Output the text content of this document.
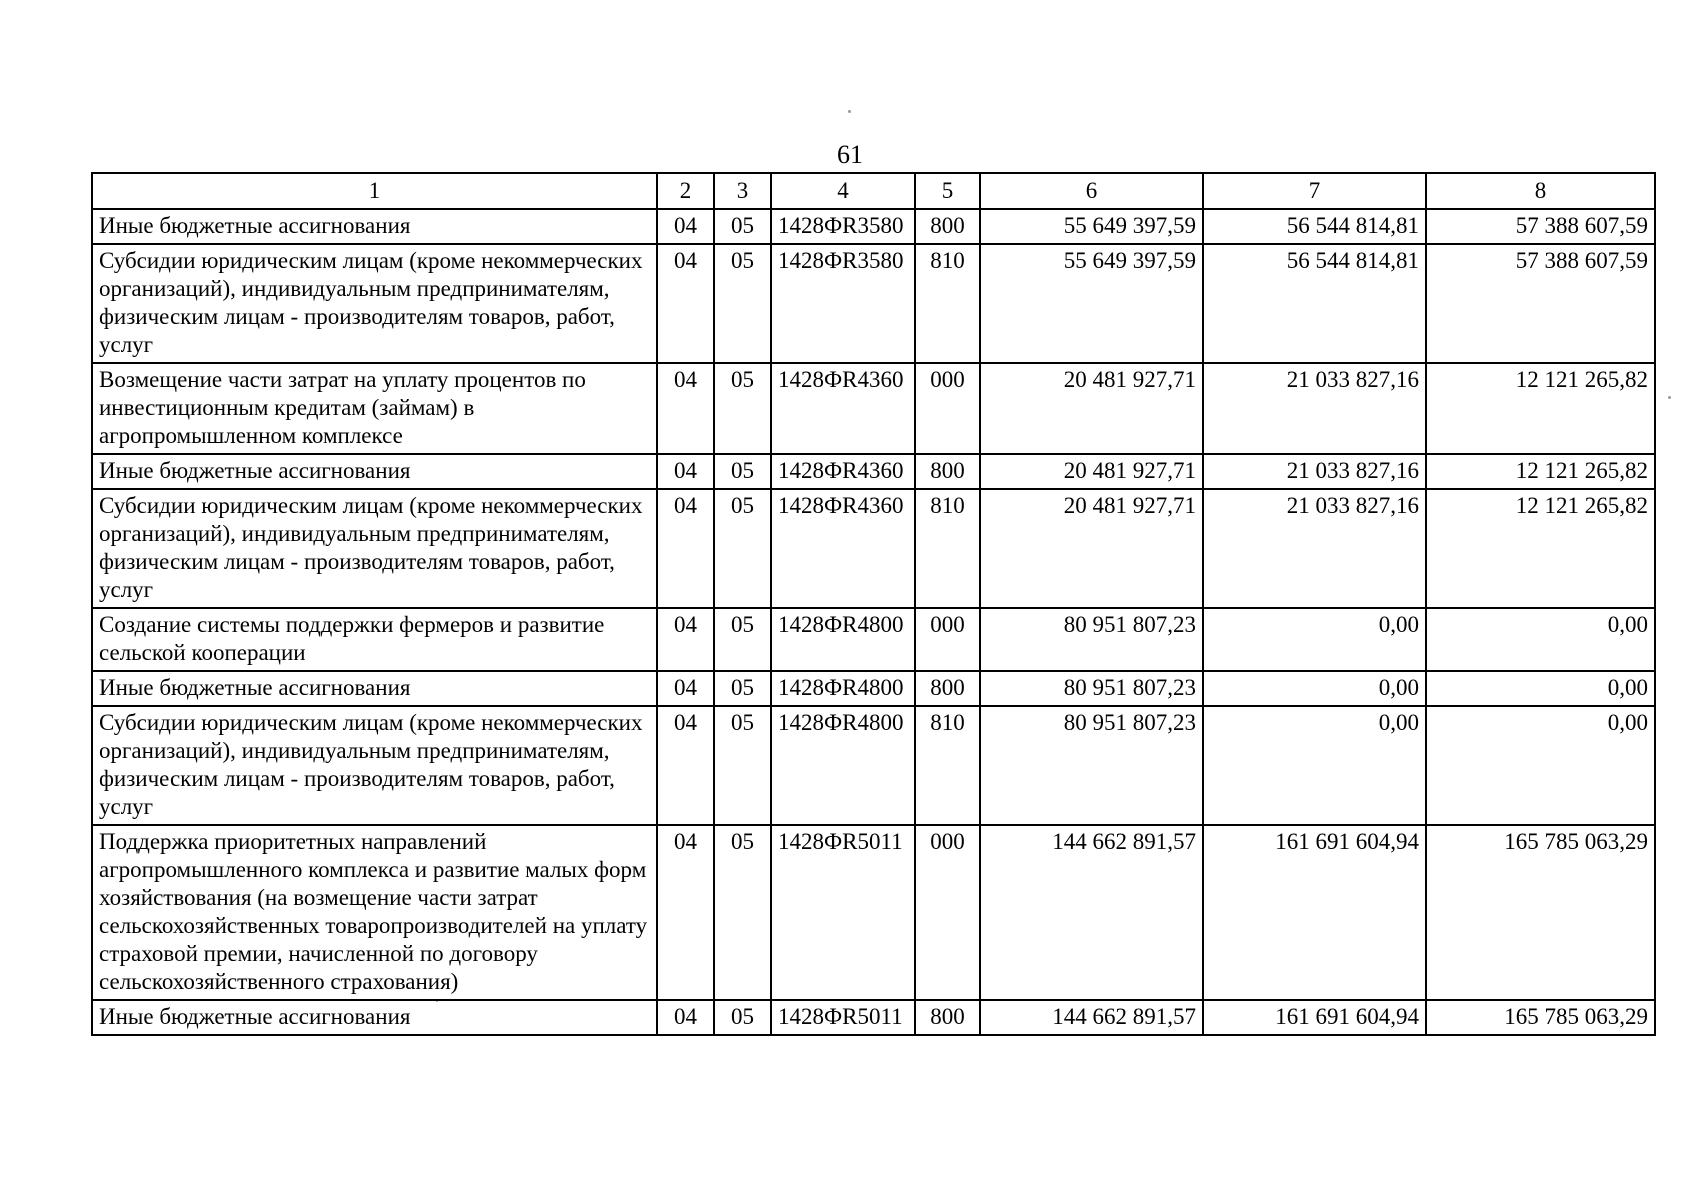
61
1	2	3	4	5	6	7	8
Иные бюджетные ассигнования	04	05	1428ФR3580	800	55 649 397,59	56 544 814,81	57 388 607,59
Субсидии юридическим лицам (кроме некоммерческих организаций), индивидуальным предпринимателям, физическим лицам - производителям товаров, работ, услуг	04	05	1428ФR3580	810	55 649 397,59	56 544 814,81	57 388 607,59
Возмещение части затрат на уплату процентов по инвестиционным кредитам (займам) в агропромышленном комплексе	04	05	1428ФR4360	000	20 481 927,71	21 033 827,16	12 121 265,82
Иные бюджетные ассигнования	04	05	1428ФR4360	800	20 481 927,71	21 033 827,16	12 121 265,82
Субсидии юридическим лицам (кроме некоммерческих организаций), индивидуальным предпринимателям, физическим лицам - производителям товаров, работ, услуг	04	05	1428ФR4360	810	20 481 927,71	21 033 827,16	12 121 265,82
Создание системы поддержки фермеров и развитие сельской кооперации	04	05	1428ФR4800	000	80 951 807,23	0,00	0,00
Иные бюджетные ассигнования	04	05	1428ФR4800	800	80 951 807,23	0,00	0,00
Субсидии юридическим лицам (кроме некоммерческих организаций), индивидуальным предпринимателям, физическим лицам - производителям товаров, работ, услуг	04	05	1428ФR4800	810	80 951 807,23	0,00	0,00
Поддержка приоритетных направлений агропромышленного комплекса и развитие малых форм хозяйствования (на возмещение части затрат сельскохозяйственных товаропроизводителей на уплату страховой премии, начисленной по договору сельскохозяйственного страхования)	04	05	1428ФR5011	000	144 662 891,57	161 691 604,94	165 785 063,29
Иные бюджетные ассигнования	04	05	1428ФR5011	800	144 662 891,57	161 691 604,94	165 785 063,29
